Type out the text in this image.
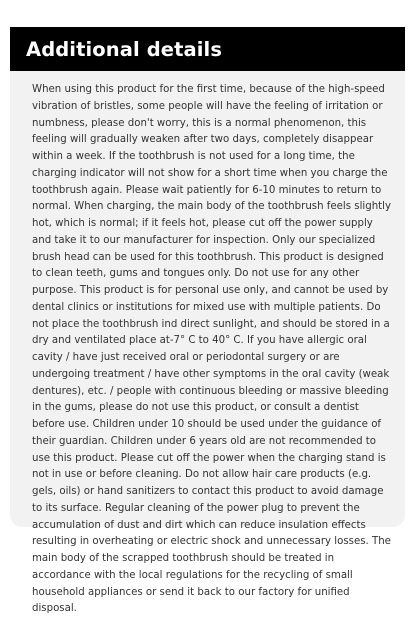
Additional details

When using this product for the first time, because of the high-speed vibration of bristles, some people will have the feeling of irritation or numbness, please don't worry, this is a normal phenomenon, this feeling will gradually weaken after two days, completely disappear within a week. If the toothbrush is not used for a long time, the charging indicator will not show for a short time when you charge the toothbrush again. Please wait patiently for 6-10 minutes to return to normal. When charging, the main body of the toothbrush feels slightly hot, which is normal; if it feels hot, please cut off the power supply and take it to our manufacturer for inspection. Only our specialized brush head can be used for this toothbrush. This product is designed to clean teeth, gums and tongues only. Do not use for any other purpose. This product is for personal use only, and cannot be used by dental clinics or institutions for mixed use with multiple patients. Do not place the toothbrush ind direct sunlight, and should be stored in a dry and ventilated place at-7° C to 40° C. If you have allergic oral cavity / have just received oral or periodontal surgery or are undergoing treatment / have other symptoms in the oral cavity (weak dentures), etc. / people with continuous bleeding or massive bleeding in the gums, please do not use this product, or consult a dentist before use. Children under 10 should be used under the guidance of their guardian. Children under 6 years old are not recommended to use this product. Please cut off the power when the charging stand is not in use or before cleaning. Do not allow hair care products (e.g. gels, oils) or hand sanitizers to contact this product to avoid damage to its surface. Regular cleaning of the power plug to prevent the accumulation of dust and dirt which can reduce insulation effects resulting in overheating or electric shock and unnecessary losses. The main body of the scrapped toothbrush should be treated in accordance with the local regulations for the recycling of small household appliances or send it back to our factory for unified disposal.
